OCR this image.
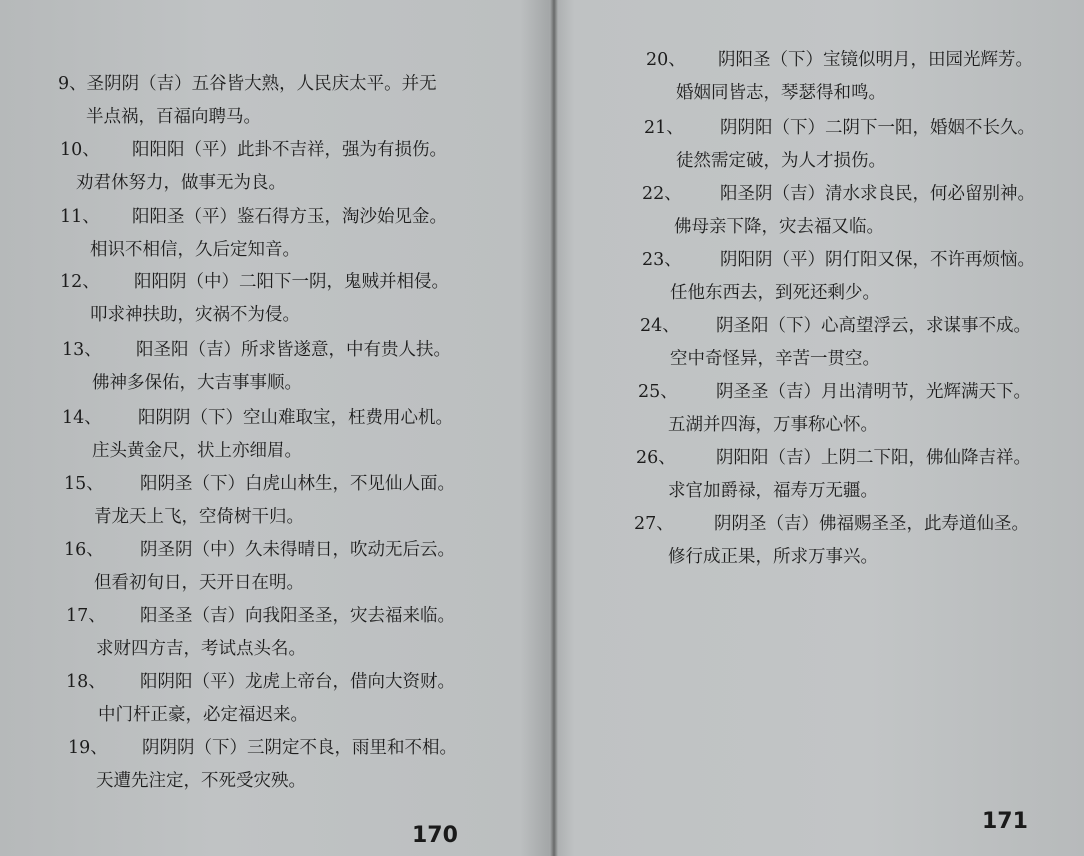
9、圣阴阴（吉）五谷皆大熟，人民庆太平。并无
半点祸，百福向聘马。
10、 阳阳阳（平）此卦不吉祥，强为有损伤。
劝君休努力，做事无为良。
11、 阳阳圣（平）鉴石得方玉，淘沙始见金。
相识不相信，久后定知音。
12、 阳阳阴（中）二阳下一阴，鬼贼并相侵。
叩求神扶助，灾祸不为侵。
13、 阳圣阳（吉）所求皆遂意，中有贵人扶。
佛神多保佑，大吉事事顺。
14、 阳阴阴（下）空山难取宝，枉费用心机。
庄头黄金尺，状上亦细眉。
15、 阳阴圣（下）白虎山林生，不见仙人面。
青龙天上飞，空倚树干归。
16、 阴圣阴（中）久未得晴日，吹动无后云。
但看初旬日，天开日在明。
17、 阳圣圣（吉）向我阳圣圣，灾去福来临。
求财四方吉，考试点头名。
18、 阳阴阳（平）龙虎上帝台，借向大资财。
中门杆正豪，必定福迟来。
19、 阴阴阴（下）三阴定不良，雨里和不相。
天遭先注定，不死受灾殃。
170
20、 阴阳圣（下）宝镜似明月，田园光辉芳。
婚姻同皆志，琴瑟得和鸣。
21、 阴阴阳（下）二阴下一阳，婚姻不长久。
徒然需定破，为人才损伤。
22、 阳圣阴（吉）清水求良民，何必留别神。
佛母亲下降，灾去福又临。
23、 阴阳阴（平）阴仃阳又保，不许再烦恼。
任他东西去，到死还剩少。
24、 阴圣阳（下）心高望浮云，求谋事不成。
空中奇怪异，辛苦一贯空。
25、 阴圣圣（吉）月出清明节，光辉满天下。
五湖并四海，万事称心怀。
26、 阴阳阳（吉）上阴二下阳，佛仙降吉祥。
求官加爵禄，福寿万无疆。
27、 阴阴圣（吉）佛福赐圣圣，此寿道仙圣。
修行成正果，所求万事兴。
171
